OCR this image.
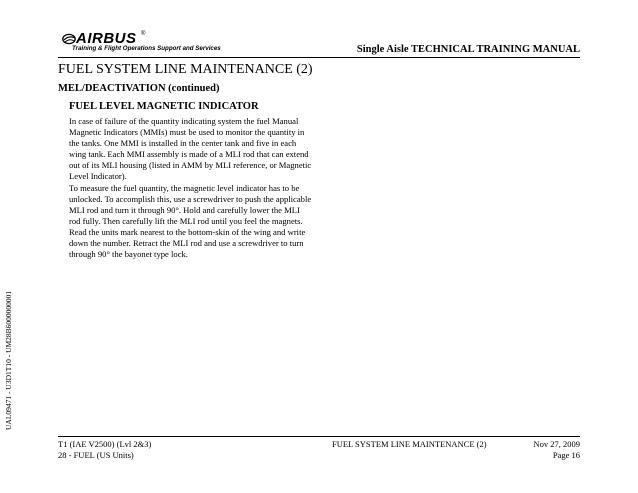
AIRBUS ®
Training & Flight Operations Support and Services	Single Aisle TECHNICAL TRAINING MANUAL
FUEL SYSTEM LINE MAINTENANCE (2)
MEL/DEACTIVATION (continued)
FUEL LEVEL MAGNETIC INDICATOR
In case of failure of the quantity indicating system the fuel Manual
Magnetic Indicators (MMIs) must be used to monitor the quantity in
the tanks. One MMI is installed in the center tank and five in each
wing tank. Each MMI assembly is made of a MLI rod that can extend
out of its MLI housing (listed in AMM by MLI reference, or Magnetic
Level Indicator).
To measure the fuel quantity, the magnetic level indicator has to be
unlocked. To accomplish this, use a screwdriver to push the applicable
MLI rod and turn it through 90°. Hold and carefully lower the MLI
rod fully. Then carefully lift the MLI rod until you feel the magnets.
Read the units mark nearest to the bottom-skin of the wing and write
down the number. Retract the MLI rod and use a screwdriver to turn
through 90° the bayonet type lock.
UAL09471 - U3D1T10 - UM28B6000000001
T1 (IAE V2500) (Lvl 2&3)
28 - FUEL (US Units)
FUEL SYSTEM LINE MAINTENANCE (2)	Nov 27, 2009
Page 16
